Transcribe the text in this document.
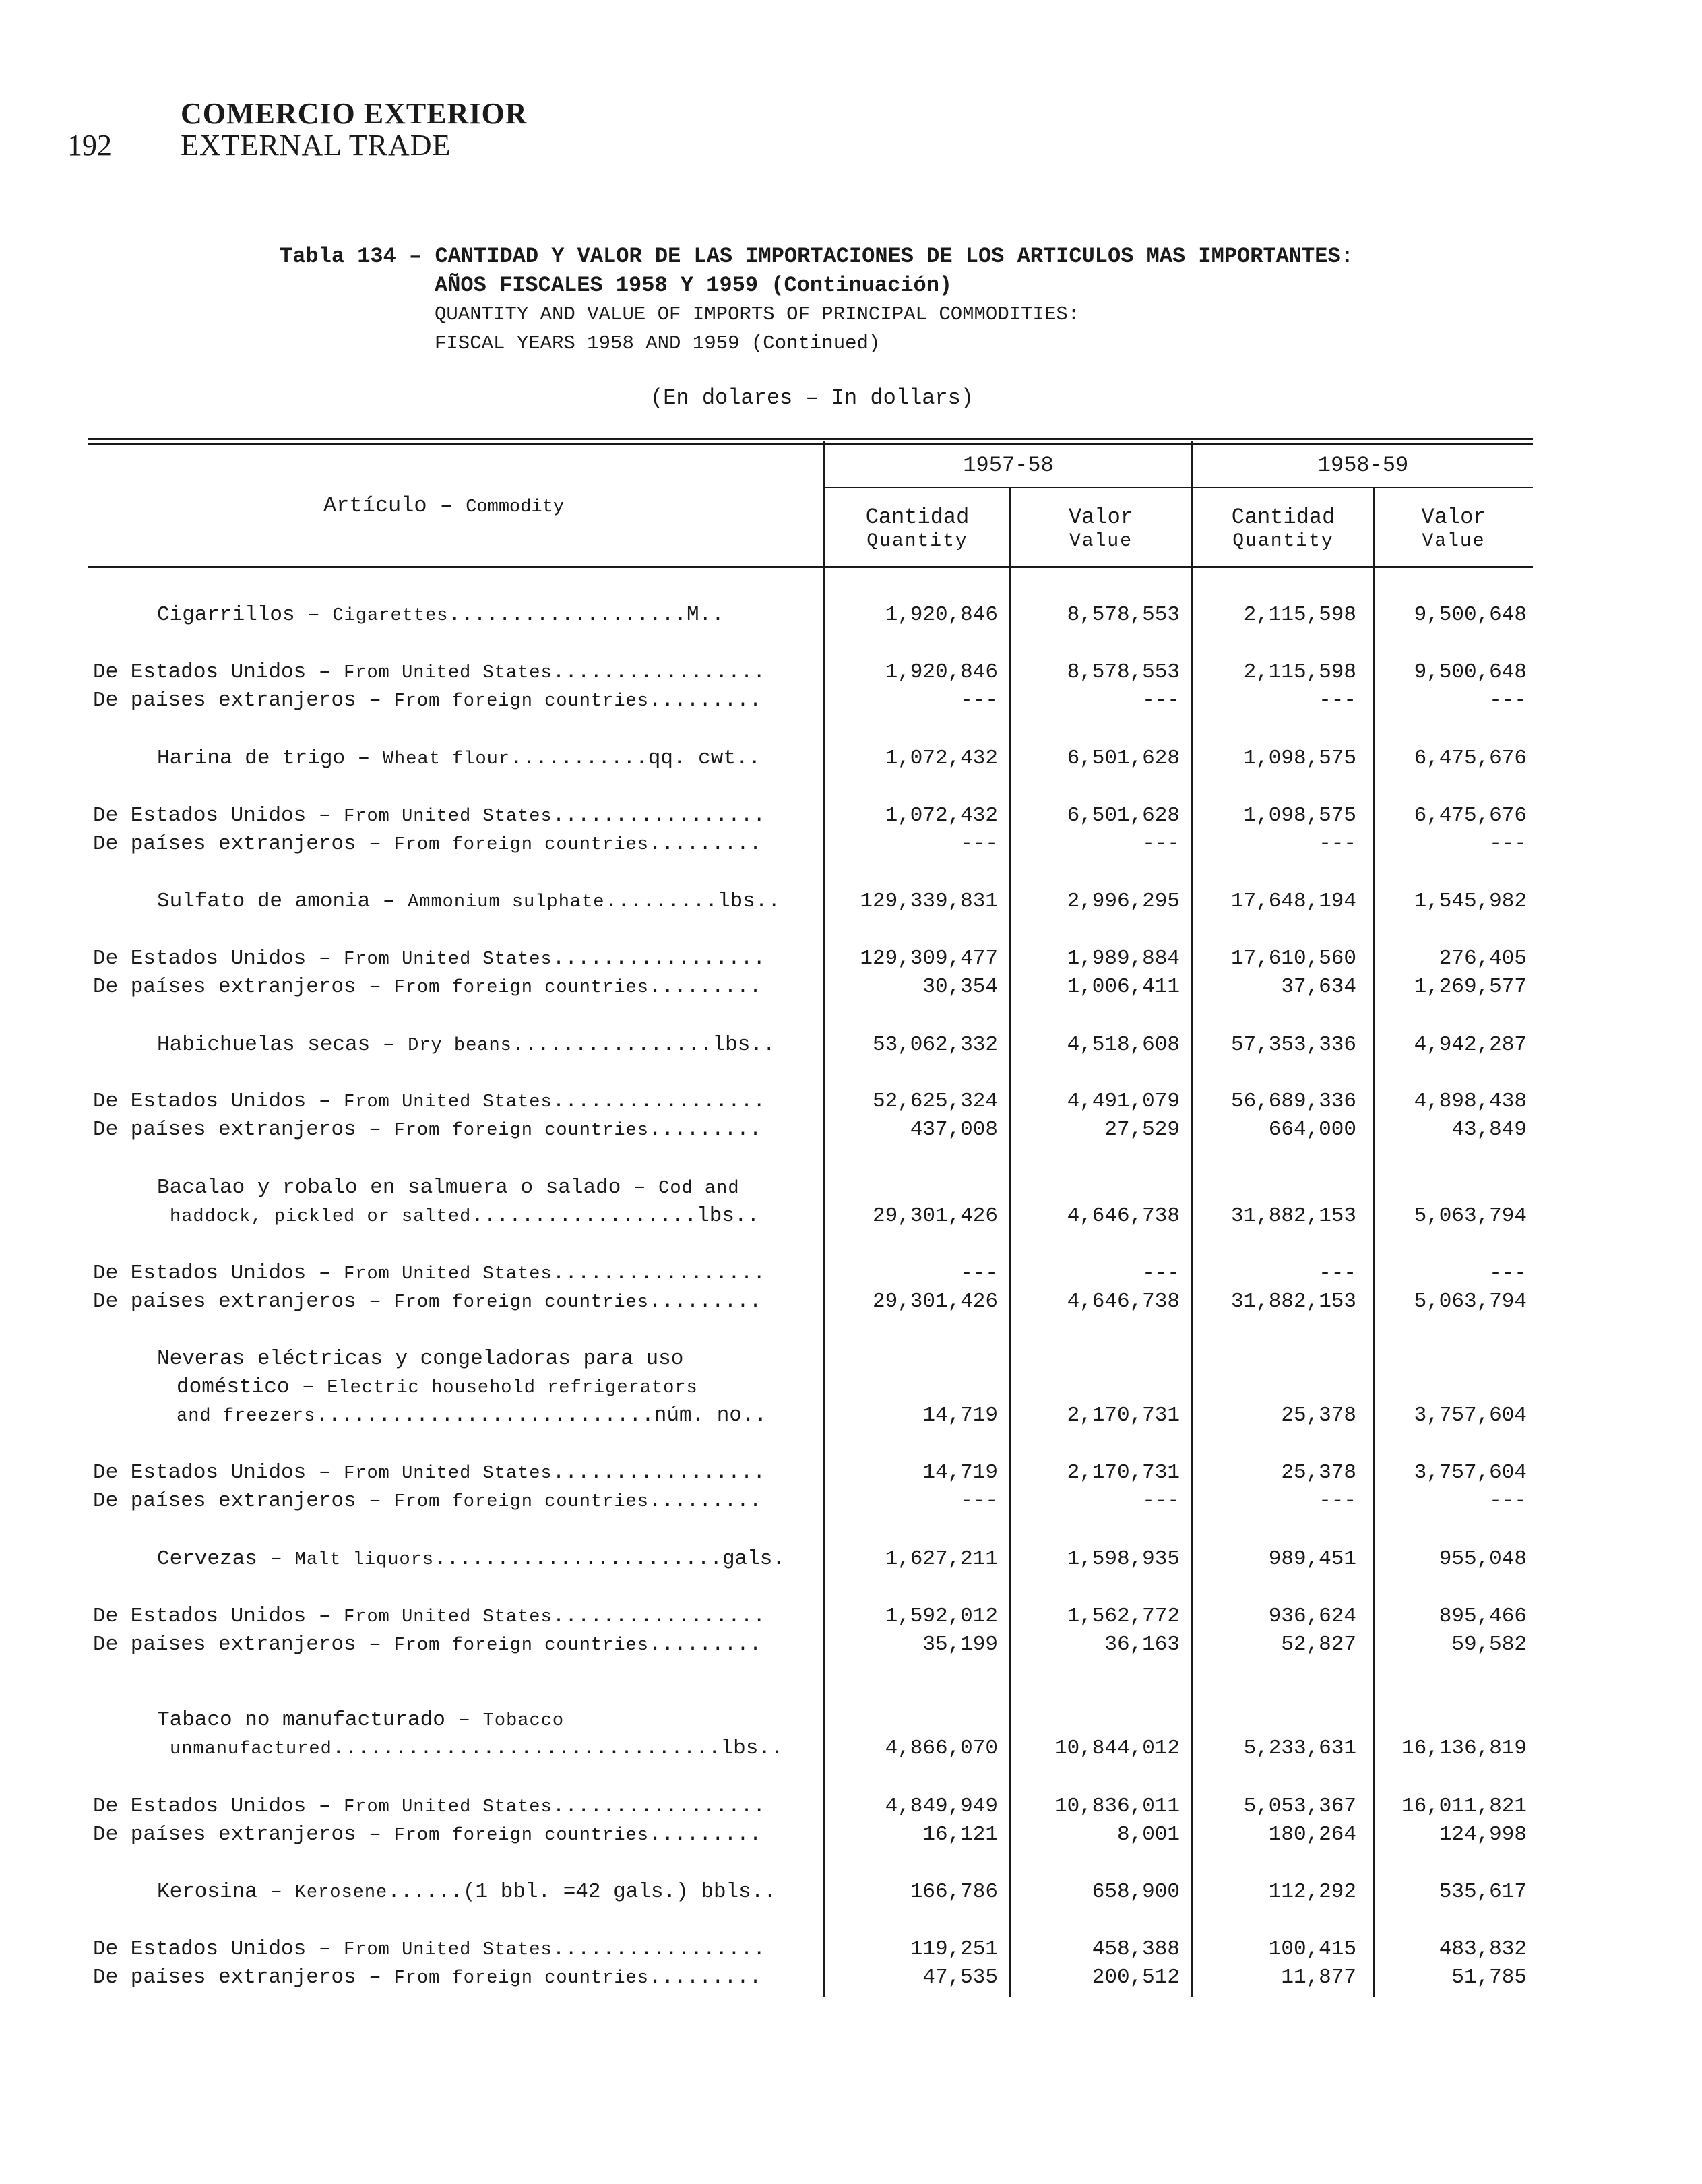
192
COMERCIO EXTERIOR
EXTERNAL TRADE
Tabla 134 – CANTIDAD Y VALOR DE LAS IMPORTACIONES DE LOS ARTICULOS MAS IMPORTANTES:
AÑOS FISCALES 1958 Y 1959 (Continuación)
QUANTITY AND VALUE OF IMPORTS OF PRINCIPAL COMMODITIES:
FISCAL YEARS 1958 AND 1959 (Continued)
(En dolares – In dollars)
Artículo – Commodity
1957-58	1958-59
Cantidad
Quantity
Valor
Value
Cantidad
Quantity
Valor
Value
Cigarrillos – Cigarettes...................M..	1,920,846	8,578,553	2,115,598	9,500,648
De Estados Unidos – From United States.................	1,920,846	8,578,553	2,115,598	9,500,648
De países extranjeros – From foreign countries.........	---	---	---	---
Harina de trigo – Wheat flour...........qq. cwt..	1,072,432	6,501,628	1,098,575	6,475,676
De Estados Unidos – From United States.................	1,072,432	6,501,628	1,098,575	6,475,676
De países extranjeros – From foreign countries.........	---	---	---	---
Sulfato de amonia – Ammonium sulphate.........lbs..	129,339,831	2,996,295 17,648,194	1,545,982
De Estados Unidos – From United States.................	129,309,477	1,989,884 17,610,560	276,405
De países extranjeros – From foreign countries.........	30,354	1,006,411	37,634	1,269,577
Habichuelas secas – Dry beans................lbs..	53,062,332	4,518,608 57,353,336	4,942,287
De Estados Unidos – From United States.................	52,625,324	4,491,079 56,689,336	4,898,438
De países extranjeros – From foreign countries.........	437,008	27,529	664,000	43,849
Bacalao y robalo en salmuera o salado – Cod and
haddock, pickled or salted..................lbs..	29,301,426	4,646,738 31,882,153	5,063,794
De Estados Unidos – From United States.................	---	---	---	---
De países extranjeros – From foreign countries.........	29,301,426	4,646,738 31,882,153	5,063,794
Neveras eléctricas y congeladoras para uso
doméstico – Electric household refrigerators
and freezers...........................núm. no..	14,719	2,170,731	25,378	3,757,604
De Estados Unidos – From United States.................	14,719	2,170,731	25,378	3,757,604
De países extranjeros – From foreign countries.........	---	---	---	---
Cervezas – Malt liquors.......................gals.	1,627,211	1,598,935	989,451	955,048
De Estados Unidos – From United States.................	1,592,012	1,562,772	936,624	895,466
De países extranjeros – From foreign countries.........	35,199	36,163	52,827	59,582
Tabaco no manufacturado – Tobacco
unmanufactured...............................lbs..	4,866,070	10,844,012	5,233,631 16,136,819
De Estados Unidos – From United States.................	4,849,949	10,836,011	5,053,367 16,011,821
De países extranjeros – From foreign countries.........	16,121	8,001	180,264	124,998
Kerosina – Kerosene......(1 bbl. =42 gals.) bbls..	166,786	658,900	112,292	535,617
De Estados Unidos – From United States.................	119,251	458,388	100,415	483,832
De países extranjeros – From foreign countries.........	47,535	200,512	11,877	51,785
